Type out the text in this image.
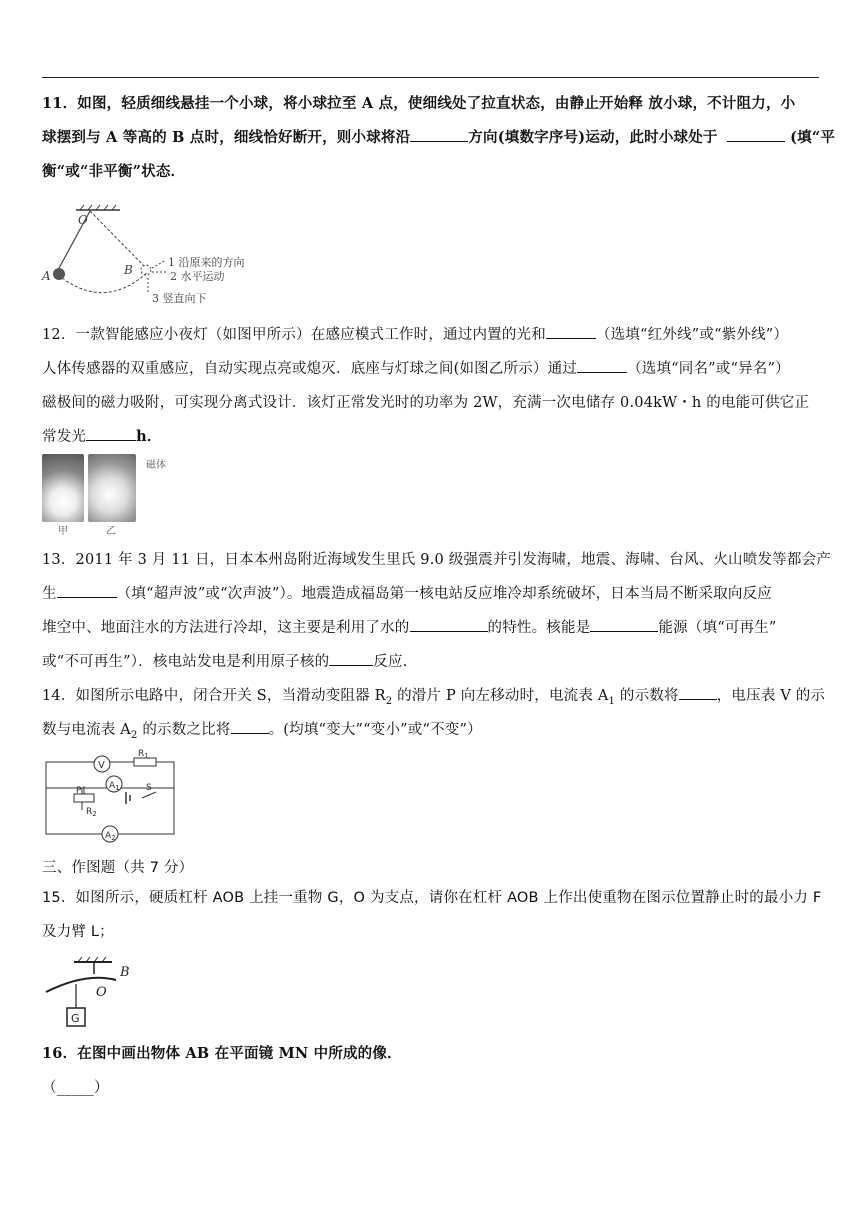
11．如图，轻质细线悬挂一个小球，将小球拉至 A 点，使细线处了拉直状态，由静止开始释 放小球，不计阻力，小
球摆到与 A 等高的 B 点时，细线恰好断开，则小球将沿	方向(填数字序号)运动，此时小球处于	(填“平
衡“或“非平衡”状态．
O
A	B
1 沿原来的方向
2 水平运动
3 竖直向下
12．一款智能感应小夜灯（如图甲所示）在感应模式工作时，通过内置的光和	（选填“红外线”或“紫外线”）
人体传感器的双重感应，自动实现点亮或熄灭．底座与灯球之间(如图乙所示）通过	（选填“同名”或“异名”）
磁极间的磁力吸附，可实现分离式设计．该灯正常发光时的功率为 2W，充满一次电储存 0.04kW・h 的电能可供它正
常发光	h．
甲	乙
磁体
13．2011 年 3 月 11 日，日本本州岛附近海域发生里氏 9.0 级强震并引发海啸，地震、海啸、台风、火山喷发等都会产
生	（填“超声波”或“次声波”）。地震造成福岛第一核电站反应堆冷却系统破坏，日本当局不断采取向反应
堆空中、地面注水的方法进行冷却，这主要是利用了水的	的特性。核能是	能源（填“可再生”
或“不可再生”）．核电站发电是利用原子核的	反应.
14．如图所示电路中，闭合开关 S，当滑动变阻器 $R_2$ 的滑片 P 向左移动时，电流表 $A_1$ 的示数将	，电压表 V 的示
数与电流表 $A_2$ 的示数之比将	。(均填“变大”“变小”或“不变”）
$R_1$
V
$A_1$
P
$R_2$
S
$A_2$
三、作图题（共 7 分）
15．如图所示，硬质杠杆 AOB 上挂一重物 G，O 为支点，请你在杠杆 AOB 上作出使重物在图示位置静止时的最小力 F
及力臂 L；
B
O
G
16．在图中画出物体 AB 在平面镜 MN 中所成的像．
（_____）
